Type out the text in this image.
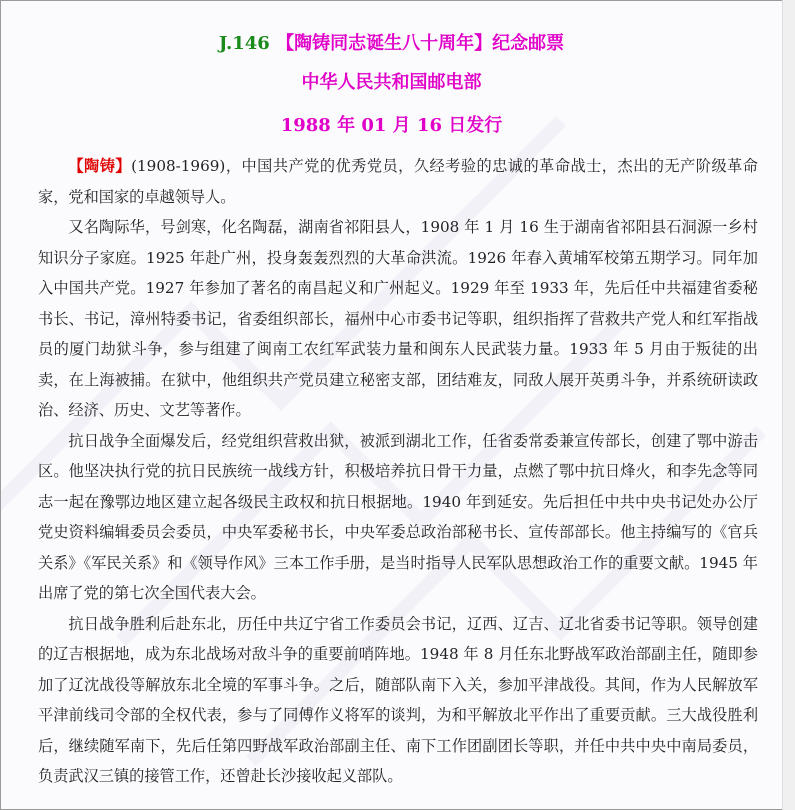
J.146 【陶铸同志诞生八十周年】纪念邮票
中华人民共和国邮电部
1988 年 01 月 16 日发行

【陶铸】(1908-1969)，中国共产党的优秀党员，久经考验的忠诚的革命战士，杰出的无产阶级革命家，党和国家的卓越领导人。

又名陶际华，号剑寒，化名陶磊，湖南省祁阳县人，1908 年 1 月 16 生于湖南省祁阳县石洞源一乡村知识分子家庭。1925 年赴广州，投身轰轰烈烈的大革命洪流。1926 年春入黄埔军校第五期学习。同年加入中国共产党。1927 年参加了著名的南昌起义和广州起义。1929 年至 1933 年，先后任中共福建省委秘书长、书记，漳州特委书记，省委组织部长，福州中心市委书记等职，组织指挥了营救共产党人和红军指战员的厦门劫狱斗争，参与组建了闽南工农红军武装力量和闽东人民武装力量。1933 年 5 月由于叛徒的出卖，在上海被捕。在狱中，他组织共产党员建立秘密支部，团结难友，同敌人展开英勇斗争，并系统研读政治、经济、历史、文艺等著作。

抗日战争全面爆发后，经党组织营救出狱，被派到湖北工作，任省委常委兼宣传部长，创建了鄂中游击区。他坚决执行党的抗日民族统一战线方针，积极培养抗日骨干力量，点燃了鄂中抗日烽火，和李先念等同志一起在豫鄂边地区建立起各级民主政权和抗日根据地。1940 年到延安。先后担任中共中央书记处办公厅党史资料编辑委员会委员，中央军委秘书长，中央军委总政治部秘书长、宣传部部长。他主持编写的《官兵关系》《军民关系》和《领导作风》三本工作手册，是当时指导人民军队思想政治工作的重要文献。1945 年出席了党的第七次全国代表大会。

抗日战争胜利后赴东北，历任中共辽宁省工作委员会书记，辽西、辽吉、辽北省委书记等职。领导创建的辽吉根据地，成为东北战场对敌斗争的重要前哨阵地。1948 年 8 月任东北野战军政治部副主任，随即参加了辽沈战役等解放东北全境的军事斗争。之后，随部队南下入关，参加平津战役。其间，作为人民解放军平津前线司令部的全权代表，参与了同傅作义将军的谈判，为和平解放北平作出了重要贡献。三大战役胜利后，继续随军南下，先后任第四野战军政治部副主任、南下工作团副团长等职，并任中共中央中南局委员，负责武汉三镇的接管工作，还曾赴长沙接收起义部队。
